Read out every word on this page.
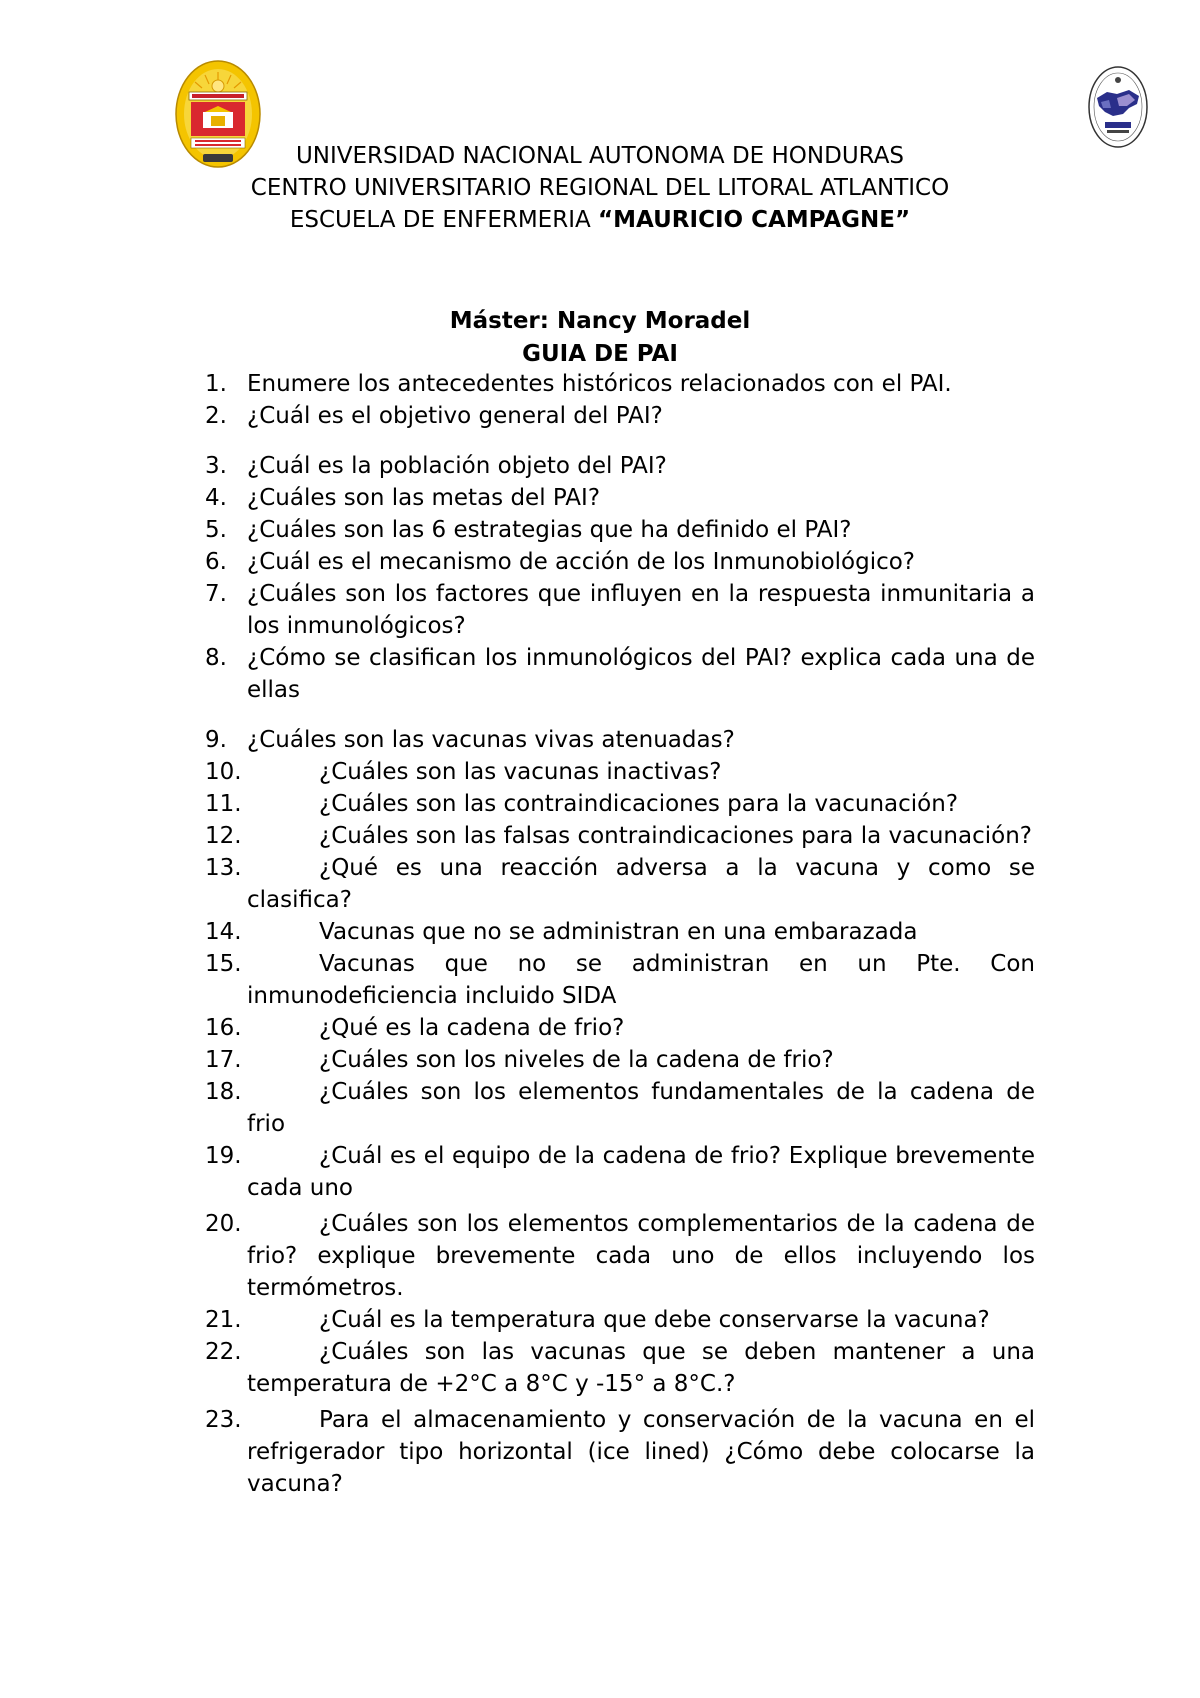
UNIVERSIDAD NACIONAL AUTONOMA DE HONDURAS
CENTRO UNIVERSITARIO REGIONAL DEL LITORAL ATLANTICO
ESCUELA DE ENFERMERIA “MAURICIO CAMPAGNE”
Máster: Nancy Moradel
GUIA DE PAI
1. Enumere los antecedentes históricos relacionados con el PAI.
2. ¿Cuál es el objetivo general del PAI?
3. ¿Cuál es la población objeto del PAI?
4. ¿Cuáles son las metas del PAI?
5. ¿Cuáles son las 6 estrategias que ha definido el PAI?
6. ¿Cuál es el mecanismo de acción de los Inmunobiológico?
7. ¿Cuáles son los factores que influyen en la respuesta inmunitaria a los inmunológicos?
8. ¿Cómo se clasifican los inmunológicos del PAI? explica cada una de ellas
9. ¿Cuáles son las vacunas vivas atenuadas?
10.	¿Cuáles son las vacunas inactivas?
11.	¿Cuáles son las contraindicaciones para la vacunación?
12.	¿Cuáles son las falsas contraindicaciones para la vacunación?
13.	¿Qué es una reacción adversa a la vacuna y como se clasifica?
14.	Vacunas que no se administran en una embarazada
15.	Vacunas que no se administran en un Pte. Con inmunodeficiencia incluido SIDA
16.	¿Qué es la cadena de frio?
17.	¿Cuáles son los niveles de la cadena de frio?
18.	¿Cuáles son los elementos fundamentales de la cadena de frio
19.	¿Cuál es el equipo de la cadena de frio? Explique brevemente cada uno
20.	¿Cuáles son los elementos complementarios de la cadena de frio? explique brevemente cada uno de ellos incluyendo los termómetros.
21.	¿Cuál es la temperatura que debe conservarse la vacuna?
22.	¿Cuáles son las vacunas que se deben mantener a una temperatura de +2°C a 8°C y -15° a 8°C.?
23.	Para el almacenamiento y conservación de la vacuna en el refrigerador tipo horizontal (ice lined) ¿Cómo debe colocarse la vacuna?
